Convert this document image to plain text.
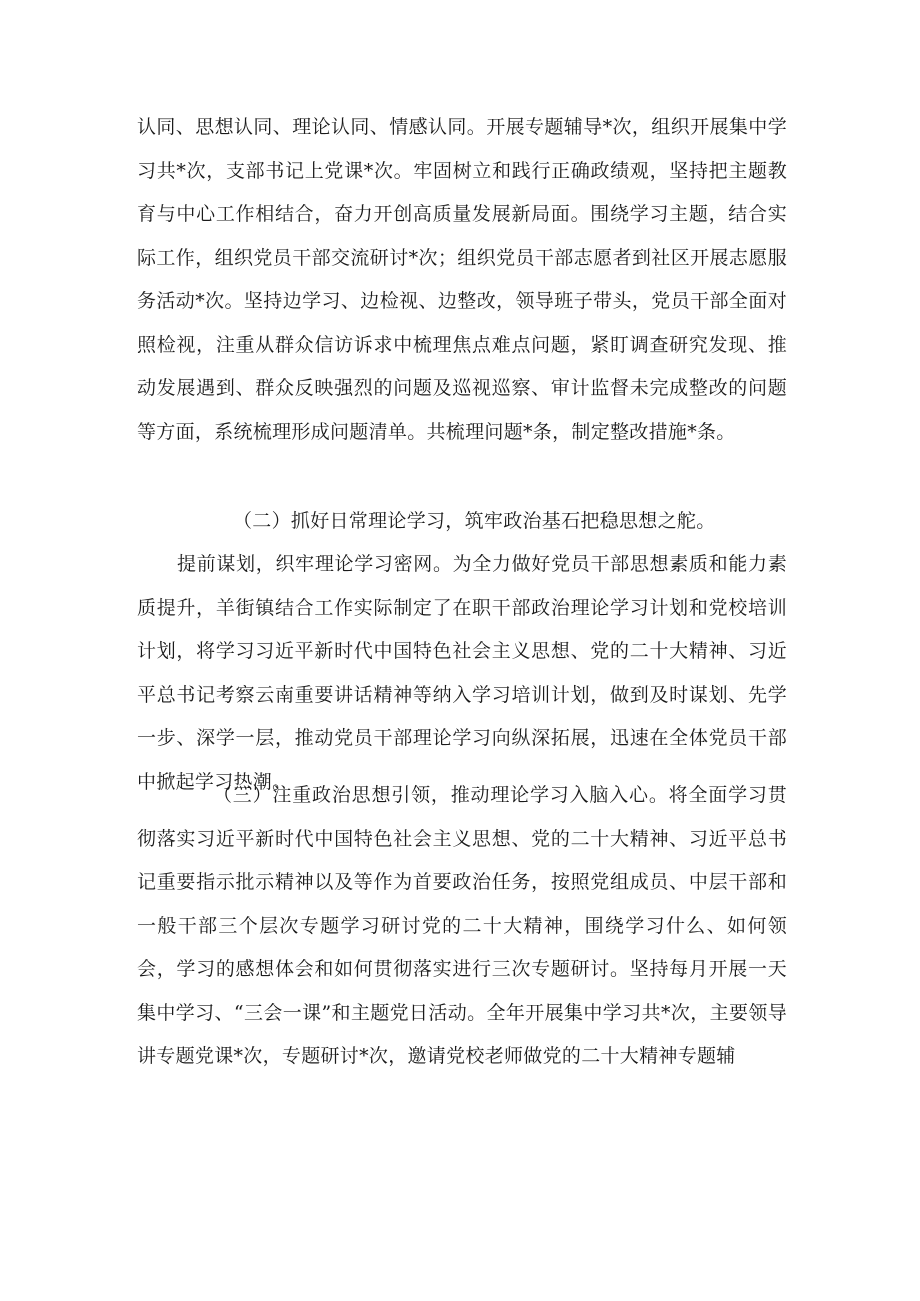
认同、思想认同、理论认同、情感认同。开展专题辅导*次，组织开展集中学习共*次，支部书记上党课*次。牢固树立和践行正确政绩观，坚持把主题教育与中心工作相结合，奋力开创高质量发展新局面。围绕学习主题，结合实际工作，组织党员干部交流研讨*次；组织党员干部志愿者到社区开展志愿服务活动*次。坚持边学习、边检视、边整改，领导班子带头，党员干部全面对照检视，注重从群众信访诉求中梳理焦点难点问题，紧盯调查研究发现、推动发展遇到、群众反映强烈的问题及巡视巡察、审计监督未完成整改的问题等方面，系统梳理形成问题清单。共梳理问题*条，制定整改措施*条。

（二）抓好日常理论学习，筑牢政治基石把稳思想之舵。

提前谋划，织牢理论学习密网。为全力做好党员干部思想素质和能力素质提升，羊街镇结合工作实际制定了在职干部政治理论学习计划和党校培训计划，将学习习近平新时代中国特色社会主义思想、党的二十大精神、习近平总书记考察云南重要讲话精神等纳入学习培训计划，做到及时谋划、先学一步、深学一层，推动党员干部理论学习向纵深拓展，迅速在全体党员干部中掀起学习热潮。

（三）注重政治思想引领，推动理论学习入脑入心。将全面学习贯彻落实习近平新时代中国特色社会主义思想、党的二十大精神、习近平总书记重要指示批示精神以及等作为首要政治任务，按照党组成员、中层干部和一般干部三个层次专题学习研讨党的二十大精神，围绕学习什么、如何领会，学习的感想体会和如何贯彻落实进行三次专题研讨。坚持每月开展一天集中学习、“三会一课”和主题党日活动。全年开展集中学习共*次，主要领导讲专题党课*次，专题研讨*次，邀请党校老师做党的二十大精神专题辅
